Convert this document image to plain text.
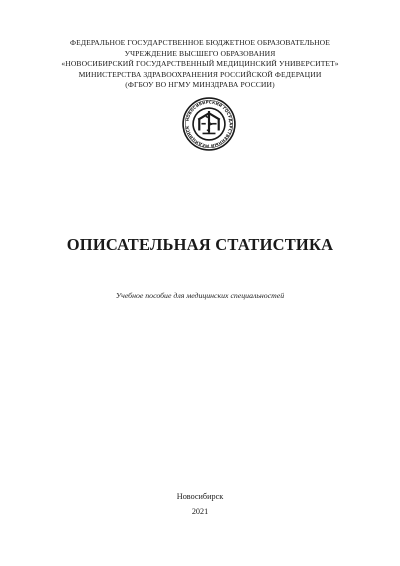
ФЕДЕРАЛЬНОЕ ГОСУДАРСТВЕННОЕ БЮДЖЕТНОЕ ОБРАЗОВАТЕЛЬНОЕ
УЧРЕЖДЕНИЕ ВЫСШЕГО ОБРАЗОВАНИЯ
«НОВОСИБИРСКИЙ ГОСУДАРСТВЕННЫЙ МЕДИЦИНСКИЙ УНИВЕРСИТЕТ»
МИНИСТЕРСТВА ЗДРАВООХРАНЕНИЯ РОССИЙСКОЙ ФЕДЕРАЦИИ
(ФГБОУ ВО НГМУ МИНЗДРАВА РОССИИ)
НОВОСИБИРСКИЙ ГОСУДАРСТВЕННЫЙ МЕДИЦИНСК
ОПИСАТЕЛЬНАЯ СТАТИСТИКА
Учебное пособие для медицинских специальностей
Новосибирск
2021
